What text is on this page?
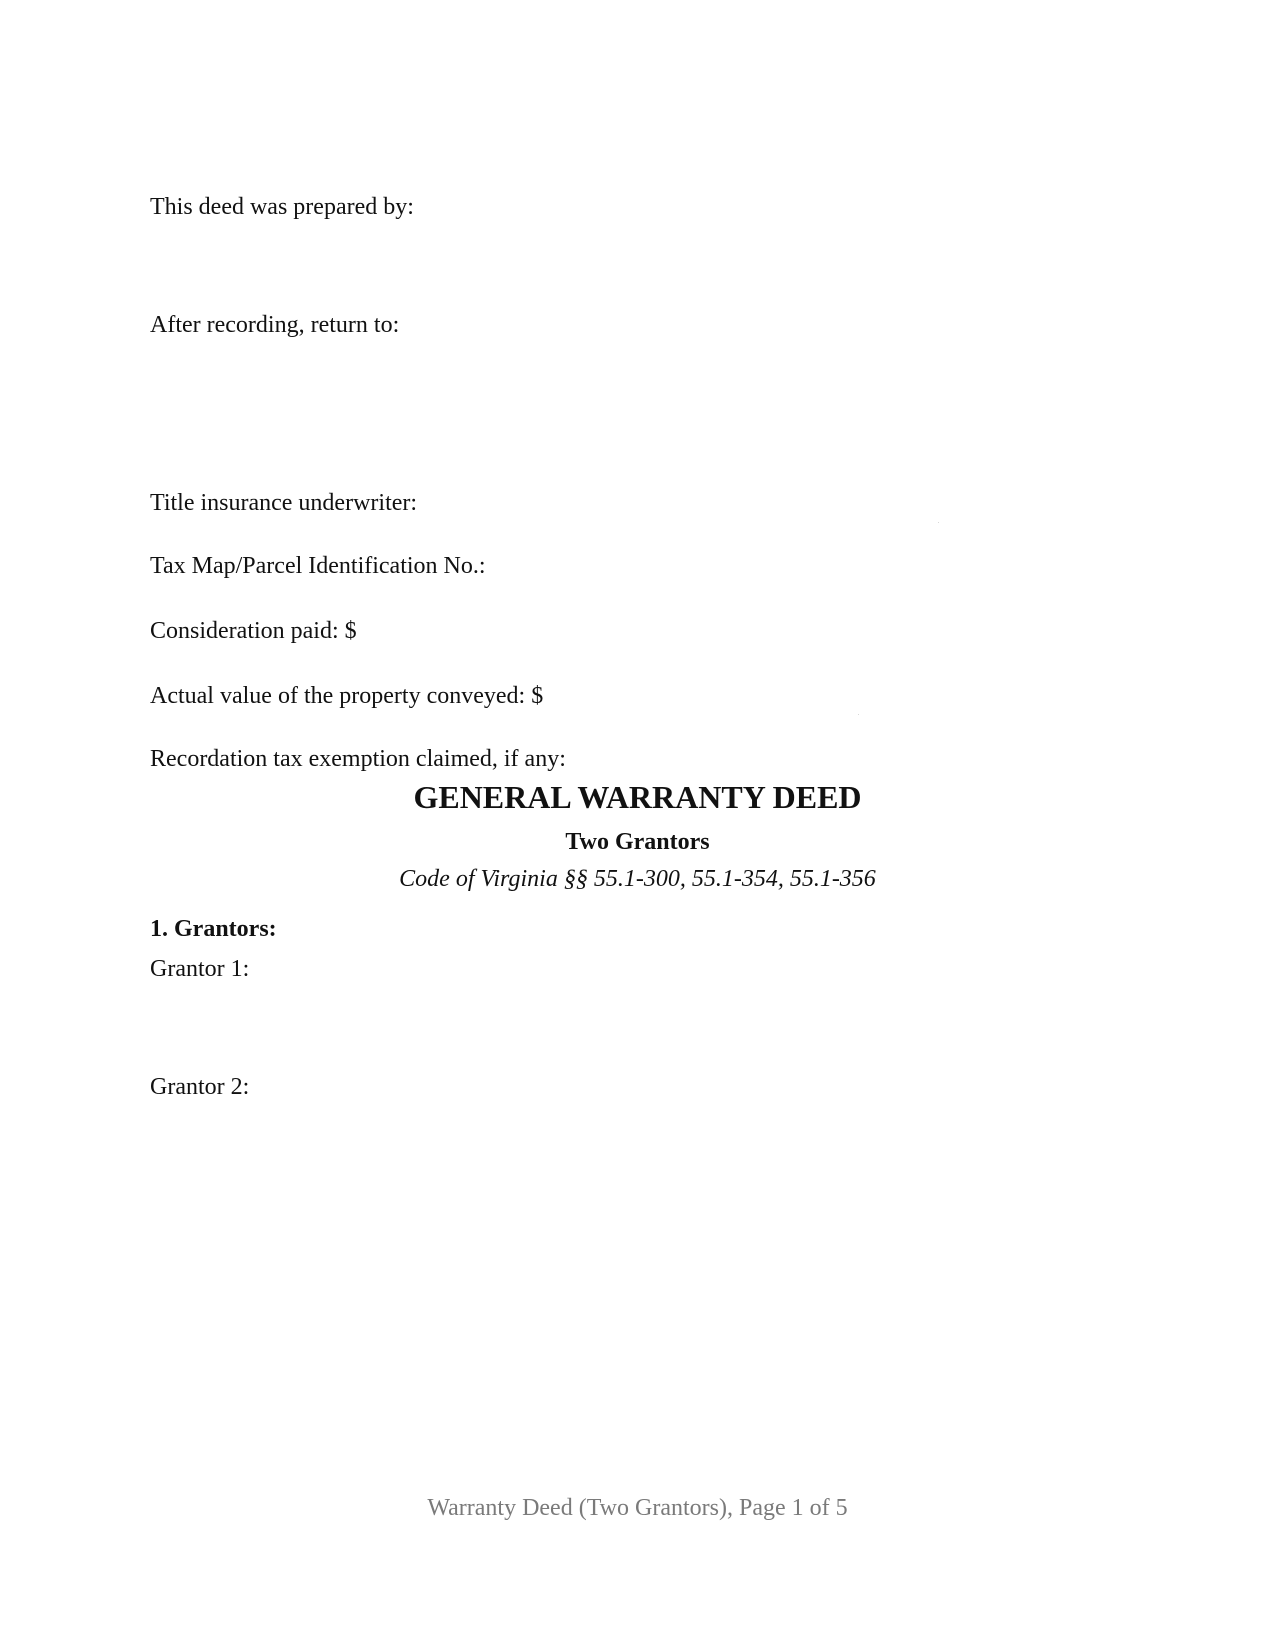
This deed was prepared by:
After recording, return to:
Title insurance underwriter:
Tax Map/Parcel Identification No.:
Consideration paid: $
Actual value of the property conveyed: $
Recordation tax exemption claimed, if any:
GENERAL WARRANTY DEED
Two Grantors
Code of Virginia §§ 55.1-300, 55.1-354, 55.1-356
1. Grantors:
Grantor 1:
Grantor 2:
Warranty Deed (Two Grantors), Page 1 of 5
